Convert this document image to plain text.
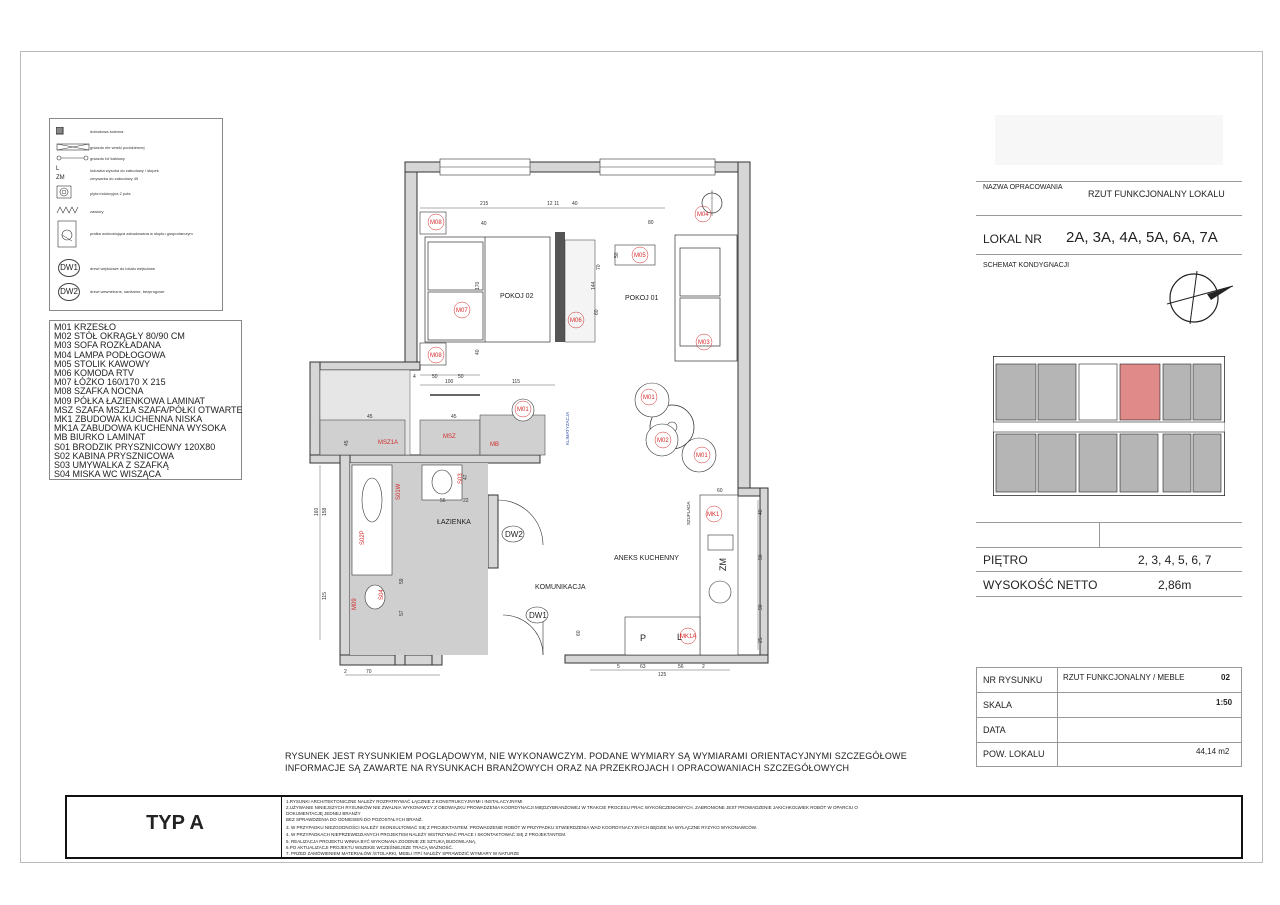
dobudowa ścienna
gniazdo ele wneki podokiennej
gniazdo tvf kablowy
L	lodowka wysoka do zabudowy / słupek
ZM	zmywarka do zabudowy 45
plyta indukcyjna 2 pola
zawiory
pralka wolnostojąca zabudowana w słupku gospodarczym
DW1	drzwi wejściowe do lokalu wejściowe
DW2	drzwi wewnetrzne, sanitarne, bezprogowe
M01 KRZESŁO
M02 STÓŁ OKRĄGŁY 80/90 CM
M03 SOFA ROZKŁADANA
M04 LAMPA PODŁOGOWA
M05 STOLIK KAWOWY
M06 KOMODA RTV
M07 ŁÓŻKO 160/170 X 215
M08 SZAFKA NOCNA
M09 PÓŁKA ŁAZIENKOWA LAMINAT
MSZ SZAFA MSZ1A SZAFA/PÓŁKI OTWARTE
MK1 ZBUDOWA KUCHENNA NISKA
MK1A ZABUDOWA KUCHENNA WYSOKA
MB BIURKO LAMINAT
S01 BRODZIK PRYSZNICOWY 120X80
S02 KABINA PRYSZNICOWA
S03 UMYWALKA Z SZAFKĄ
S04 MISKA WC WISZĄCA
POKOJ 02	POKOJ 01
ŁAZIENKA
ANEKS KUCHENNY
KOMUNIKACJA
KLIMATYZACJA
SZUFLADA
M08
M08
M07
M06
M05
M04
M03
M01
M01
M01
M02
MSZ1A
MSZ
MB
MK1
MK1A
S01W
S02P
S03
S04
M09
DW2
DW1
ZM
L
P
215	12 11	40
80
40
170	144
70
50
60
40
4	50	50
100	115
45	45
45
56	22
160 158
115
59
57
70
2
60
40
90
90
25
63
125
60
56
47
2
5
NAZWA OPRACOWANIA
RZUT FUNKCJONALNY LOKALU
LOKAL NR 2A, 3A, 4A, 5A, 6A, 7A
SCHEMAT KONDYGNACJI
PIĘTRO	2, 3, 4, 5, 6, 7
WYSOKOŚĆ NETTO	2,86m
NR RYSUNKU	RZUT FUNKCJONALNY / MEBLE	02
SKALA	1:50
DATA
POW. LOKALU	44,14 m2
RYSUNEK JEST RYSUNKIEM POGLĄDOWYM, NIE WYKONAWCZYM. PODANE WYMIARY SĄ WYMIARAMI ORIENTACYJNYMI SZCZEGÓŁOWE
INFORMACJE SĄ ZAWARTE NA RYSUNKACH BRANŻOWYCH ORAZ NA PRZEKROJACH I OPRACOWANIACH SZCZEGÓŁOWYCH
TYP A
1.RYSUNKI ARCHITEKTONICZNE NALEŻY ROZPATRYWAĆ ŁĄCZNIE Z KONSTRUKCYJNYMI I INSTALACYJNYMI
2.UŻYWANIE NINIEJSZYCH RYSUNKÓW NIE ZWALNIA WYKONAWCY Z OBOWIĄZKU PROWADZENIA KOORDYNACJI MIĘDZYBRANŻOWEJ W TRAKCIE PROCESU PRAC WYKOŃCZENIOWYCH. ZABRONIONE JEST PROWADZENIE JAKICHKOLWIEK ROBÓT W OPARCIU O
DOKUMENTACJĘ JEDNEJ BRANŻY
BEZ SPRAWDZENIA DO ODNIESIEŃ DO POZOSTAŁYCH BRANŻ.
3. W PRZYPADKU NIEZGODNOŚCI NALEŻY SKONSULTOWAĆ SIĘ Z PROJEKTANTEM. PROWADZENIE ROBÓT W PRZYPADKU STWIERDZENIA WAD KOORDYNACYJNYCH BĘDZIE NA WYŁĄCZNE RYZYKO WYKONAWCÓW.
4. W PRZYPADKACH NIEPRZEWIDZIANYCH PROJEKTEM NALEŻY WSTRZYMAĆ PRACE I SKONTAKTOWAĆ SIĘ Z PROJEKTANTEM.
5. REALIZACJA PROJEKTU WINNA BYĆ WYKONANA ZGODNIE ZE SZTUKĄ BUDOWLANĄ.
6.PO AKTUALIZACJI PROJEKTU WSZEKIE WCZEŚNIEJSZE TRACĄ WAŻNOŚĆ.
7. PRZED ZAMÓWIENIEM MATERIAŁÓW /STOLARKI, MEBLI ITP./ NALEŻY SPRAWDZIĆ WYMIARY W NATURZE
